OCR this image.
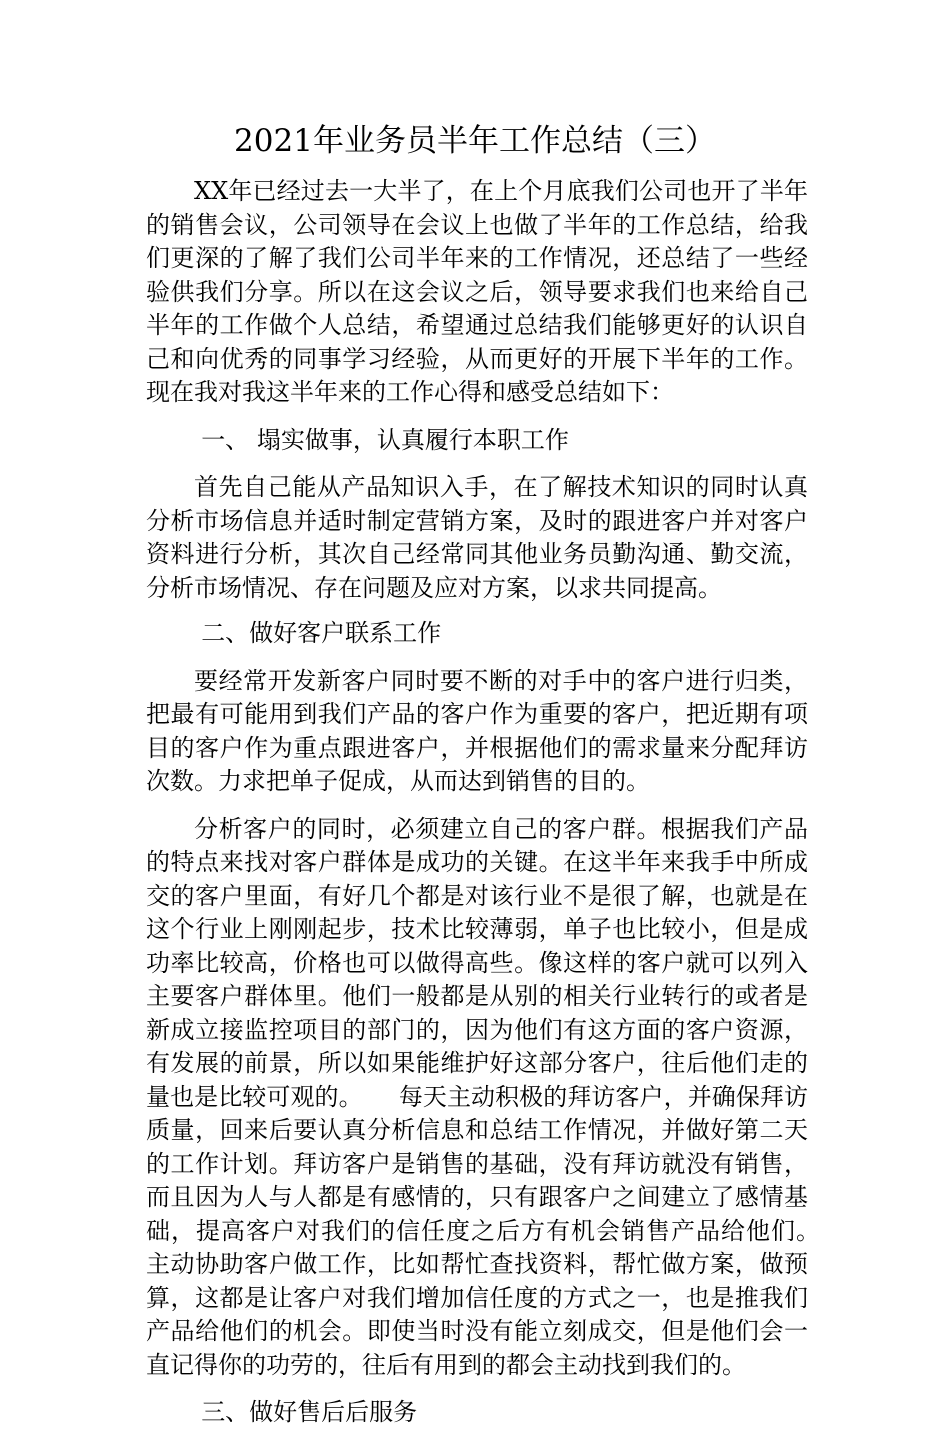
2021年业务员半年工作总结（三）

XX年已经过去一大半了，在上个月底我们公司也开了半年的销售会议，公司领导在会议上也做了半年的工作总结，给我们更深的了解了我们公司半年来的工作情况，还总结了一些经验供我们分享。所以在这会议之后，领导要求我们也来给自己半年的工作做个人总结，希望通过总结我们能够更好的认识自己和向优秀的同事学习经验，从而更好的开展下半年的工作。现在我对我这半年来的工作心得和感受总结如下：

一、 塌实做事，认真履行本职工作

首先自己能从产品知识入手，在了解技术知识的同时认真分析市场信息并适时制定营销方案，及时的跟进客户并对客户资料进行分析，其次自己经常同其他业务员勤沟通、勤交流，分析市场情况、存在问题及应对方案，以求共同提高。

二、做好客户联系工作

要经常开发新客户同时要不断的对手中的客户进行归类，把最有可能用到我们产品的客户作为重要的客户，把近期有项目的客户作为重点跟进客户，并根据他们的需求量来分配拜访次数。力求把单子促成，从而达到销售的目的。

分析客户的同时，必须建立自己的客户群。根据我们产品的特点来找对客户群体是成功的关键。在这半年来我手中所成交的客户里面，有好几个都是对该行业不是很了解，也就是在这个行业上刚刚起步，技术比较薄弱，单子也比较小，但是成功率比较高，价格也可以做得高些。像这样的客户就可以列入主要客户群体里。他们一般都是从别的相关行业转行的或者是新成立接监控项目的部门的，因为他们有这方面的客户资源，有发展的前景，所以如果能维护好这部分客户，往后他们走的量也是比较可观的。　　每天主动积极的拜访客户，并确保拜访质量，回来后要认真分析信息和总结工作情况，并做好第二天的工作计划。拜访客户是销售的基础，没有拜访就没有销售，而且因为人与人都是有感情的，只有跟客户之间建立了感情基础，提高客户对我们的信任度之后方有机会销售产品给他们。　　主动协助客户做工作，比如帮忙查找资料，帮忙做方案，做预算，这都是让客户对我们增加信任度的方式之一，也是推我们产品给他们的机会。即使当时没有能立刻成交，但是他们会一直记得你的功劳的，往后有用到的都会主动找到我们的。

三、做好售后后服务
